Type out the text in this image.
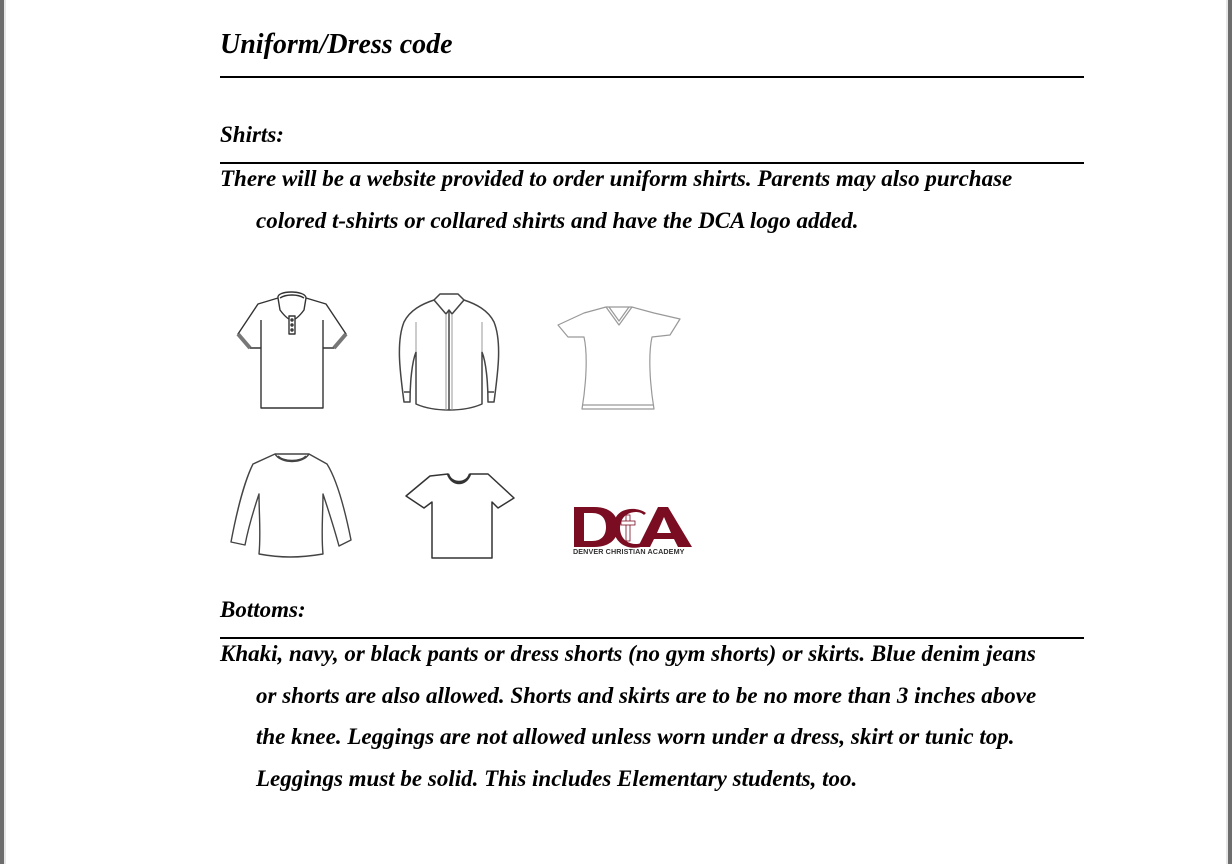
Uniform/Dress code
Shirts:
There will be a website provided to order uniform shirts. Parents may also purchase
colored t-shirts or collared shirts and have the DCA logo added.
DENVER CHRISTIAN ACADEMY
Bottoms:
Khaki, navy, or black pants or dress shorts (no gym shorts) or skirts. Blue denim jeans
or shorts are also allowed. Shorts and skirts are to be no more than 3 inches above
the knee. Leggings are not allowed unless worn under a dress, skirt or tunic top.
Leggings must be solid. This includes Elementary students, too.
